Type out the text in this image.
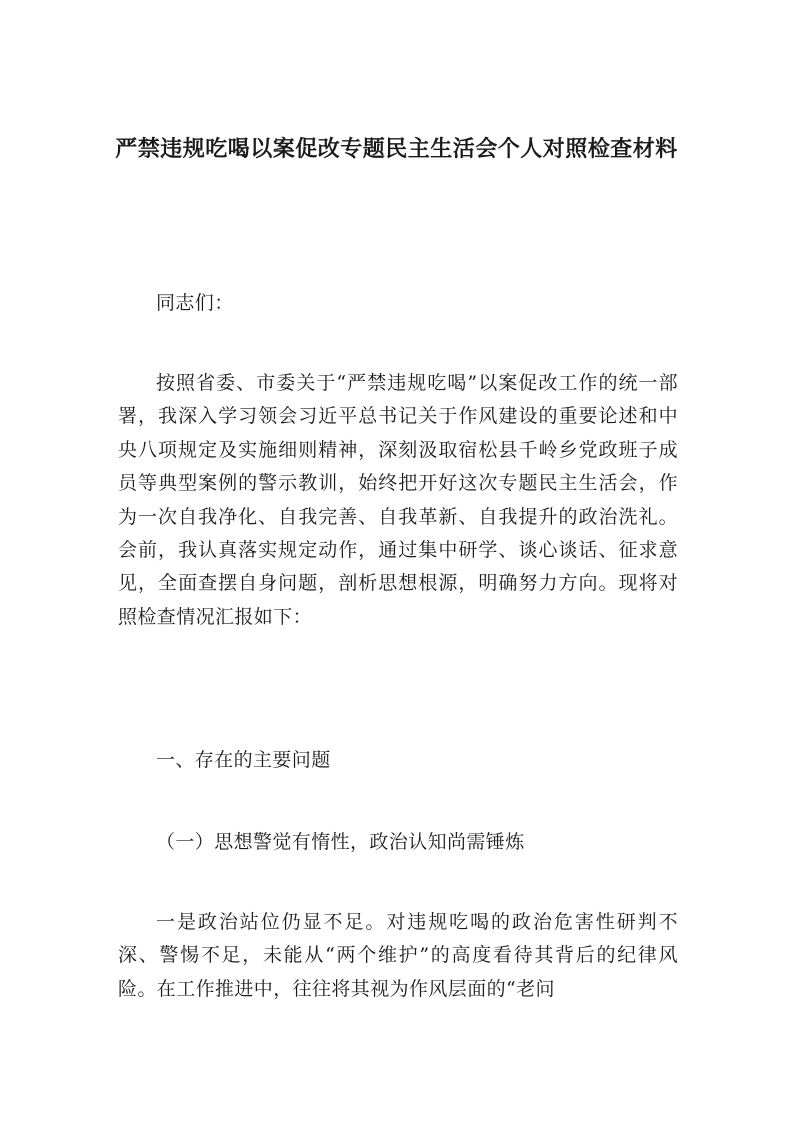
严禁违规吃喝以案促改专题民主生活会个人对照检查材料

同志们：

按照省委、市委关于“严禁违规吃喝”以案促改工作的统一部署，我深入学习领会习近平总书记关于作风建设的重要论述和中央八项规定及实施细则精神，深刻汲取宿松县千岭乡党政班子成员等典型案例的警示教训，始终把开好这次专题民主生活会，作为一次自我净化、自我完善、自我革新、自我提升的政治洗礼。会前，我认真落实规定动作，通过集中研学、谈心谈话、征求意见，全面查摆自身问题，剖析思想根源，明确努力方向。现将对照检查情况汇报如下：

一、存在的主要问题

（一）思想警觉有惰性，政治认知尚需锤炼

一是政治站位仍显不足。对违规吃喝的政治危害性研判不深、警惕不足，未能从“两个维护”的高度看待其背后的纪律风险。在工作推进中，往往将其视为作风层面的“老问
